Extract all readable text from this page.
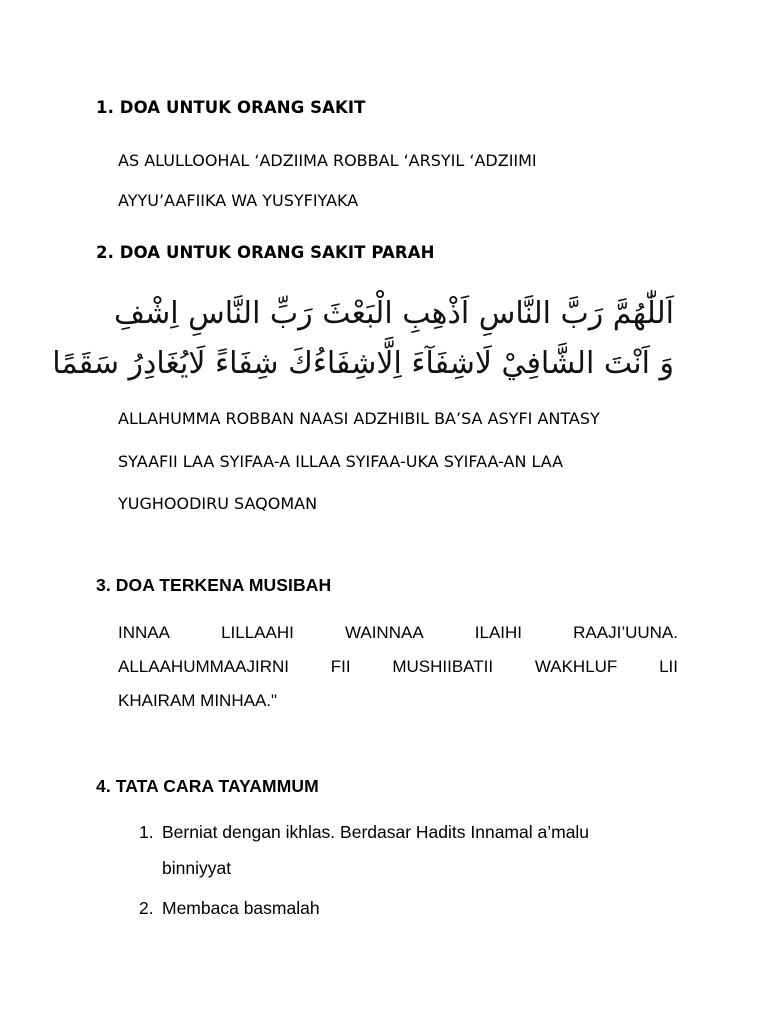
1. DOA UNTUK ORANG SAKIT
AS ALULLOOHAL ‘ADZIIMA ROBBAL ‘ARSYIL ‘ADZIIMI
AYYU’AAFIIKA WA YUSYFIYAKA
2. DOA UNTUK ORANG SAKIT PARAH
اَللّٰهُمَّ رَبَّ النَّاسِ اَذْهِبِ الْبَعْثَ رَبِّ النَّاسِ اِشْفِ
وَ اَنْتَ الشَّافِيْ لَاشِفَآءَ اِلَّاشِفَاءُكَ شِفَاءً لَايُغَادِرُ سَقَمًا
ALLAHUMMA ROBBAN NAASI ADZHIBIL BA’SA ASYFI ANTASY
SYAAFII LAA SYIFAA-A ILLAA SYIFAA-UKA SYIFAA-AN LAA
YUGHOODIRU SAQOMAN
3. DOA TERKENA MUSIBAH
INNAA	LILLAAHI	WAINNAA	ILAIHI	RAAJI’UUNA.
ALLAAHUMMAAJIRNI FII MUSHIIBATII WAKHLUF LII
KHAIRAM MINHAA."
4. TATA CARA TAYAMMUM
1. Berniat dengan ikhlas. Berdasar Hadits Innamal a’malu
binniyyat
2. Membaca basmalah
